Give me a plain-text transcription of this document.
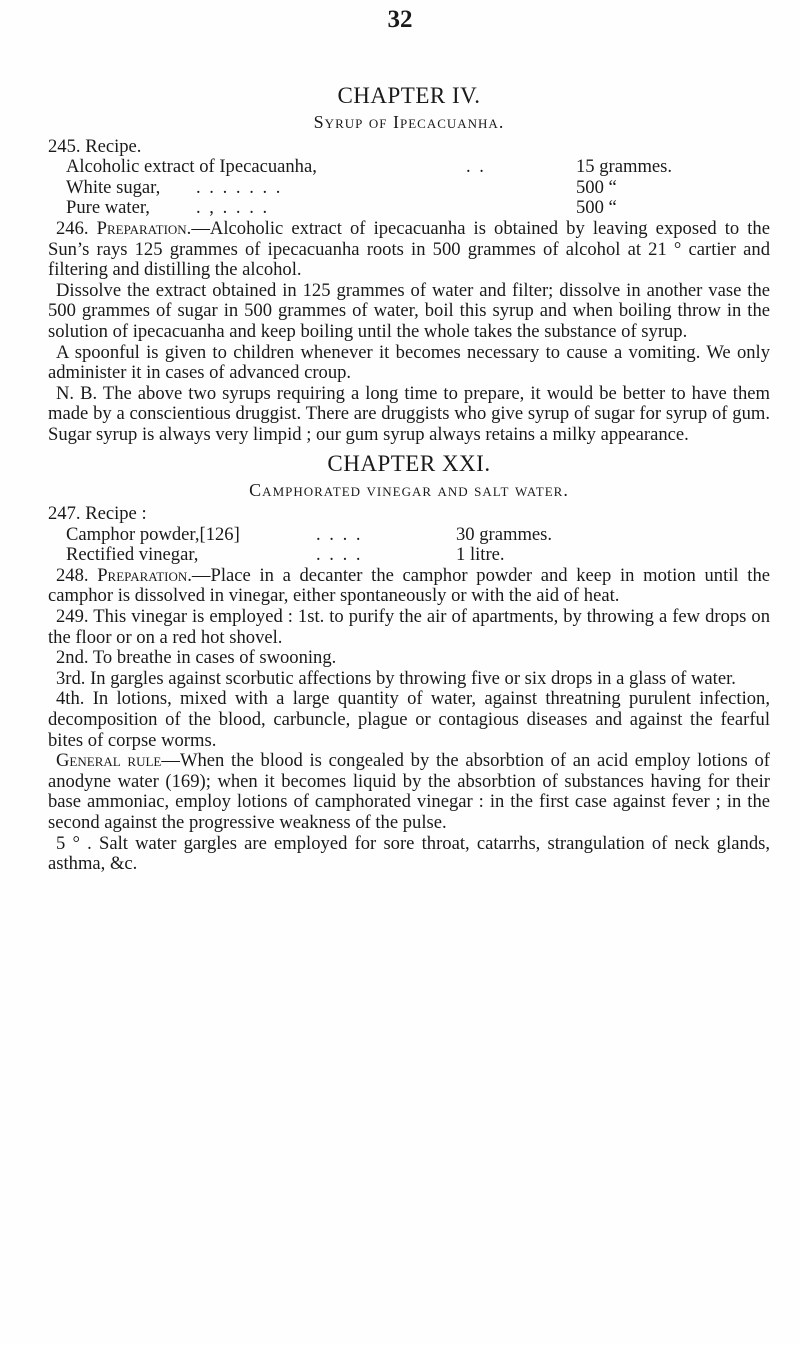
32
CHAPTER IV.
Syrup of Ipecacuanha.
245. Recipe.
Alcoholic extract of Ipecacuanha,	. .	15 grammes.
White sugar,	. . . . . . .	500 “
Pure water,	. , . . . .	500 “
246. Preparation.—Alcoholic extract of ipecacuanha is obtained by leaving exposed to the Sun’s rays 125 grammes of ipecacuanha roots in 500 grammes of alcohol at 21 ° cartier and filtering and distilling the alcohol.
Dissolve the extract obtained in 125 grammes of water and filter; dissolve in another vase the 500 grammes of sugar in 500 grammes of water, boil this syrup and when boiling throw in the solution of ipecacuanha and keep boiling until the whole takes the substance of syrup.
A spoonful is given to children whenever it becomes necessary to cause a vomiting. We only administer it in cases of advanced croup.
N. B. The above two syrups requiring a long time to prepare, it would be better to have them made by a conscientious druggist. There are druggists who give syrup of sugar for syrup of gum. Sugar syrup is always very limpid ; our gum syrup always retains a milky appearance.
CHAPTER XXI.
Camphorated vinegar and salt water.
247. Recipe :
Camphor powder,[126]	. . . .	30 grammes.
Rectified vinegar,	. . . .	1 litre.
248. Preparation.—Place in a decanter the camphor powder and keep in motion until the camphor is dissolved in vinegar, either spontaneously or with the aid of heat.
249. This vinegar is employed : 1st. to purify the air of apartments, by throwing a few drops on the floor or on a red hot shovel.
2nd. To breathe in cases of swooning.
3rd. In gargles against scorbutic affections by throwing five or six drops in a glass of water.
4th. In lotions, mixed with a large quantity of water, against threatning purulent infection, decomposition of the blood, carbuncle, plague or contagious diseases and against the fearful bites of corpse worms.
General rule—When the blood is congealed by the absorbtion of an acid employ lotions of anodyne water (169); when it becomes liquid by the absorbtion of substances having for their base ammoniac, employ lotions of camphorated vinegar : in the first case against fever ; in the second against the progressive weakness of the pulse.
5 ° . Salt water gargles are employed for sore throat, catarrhs, strangulation of neck glands, asthma, &c.
